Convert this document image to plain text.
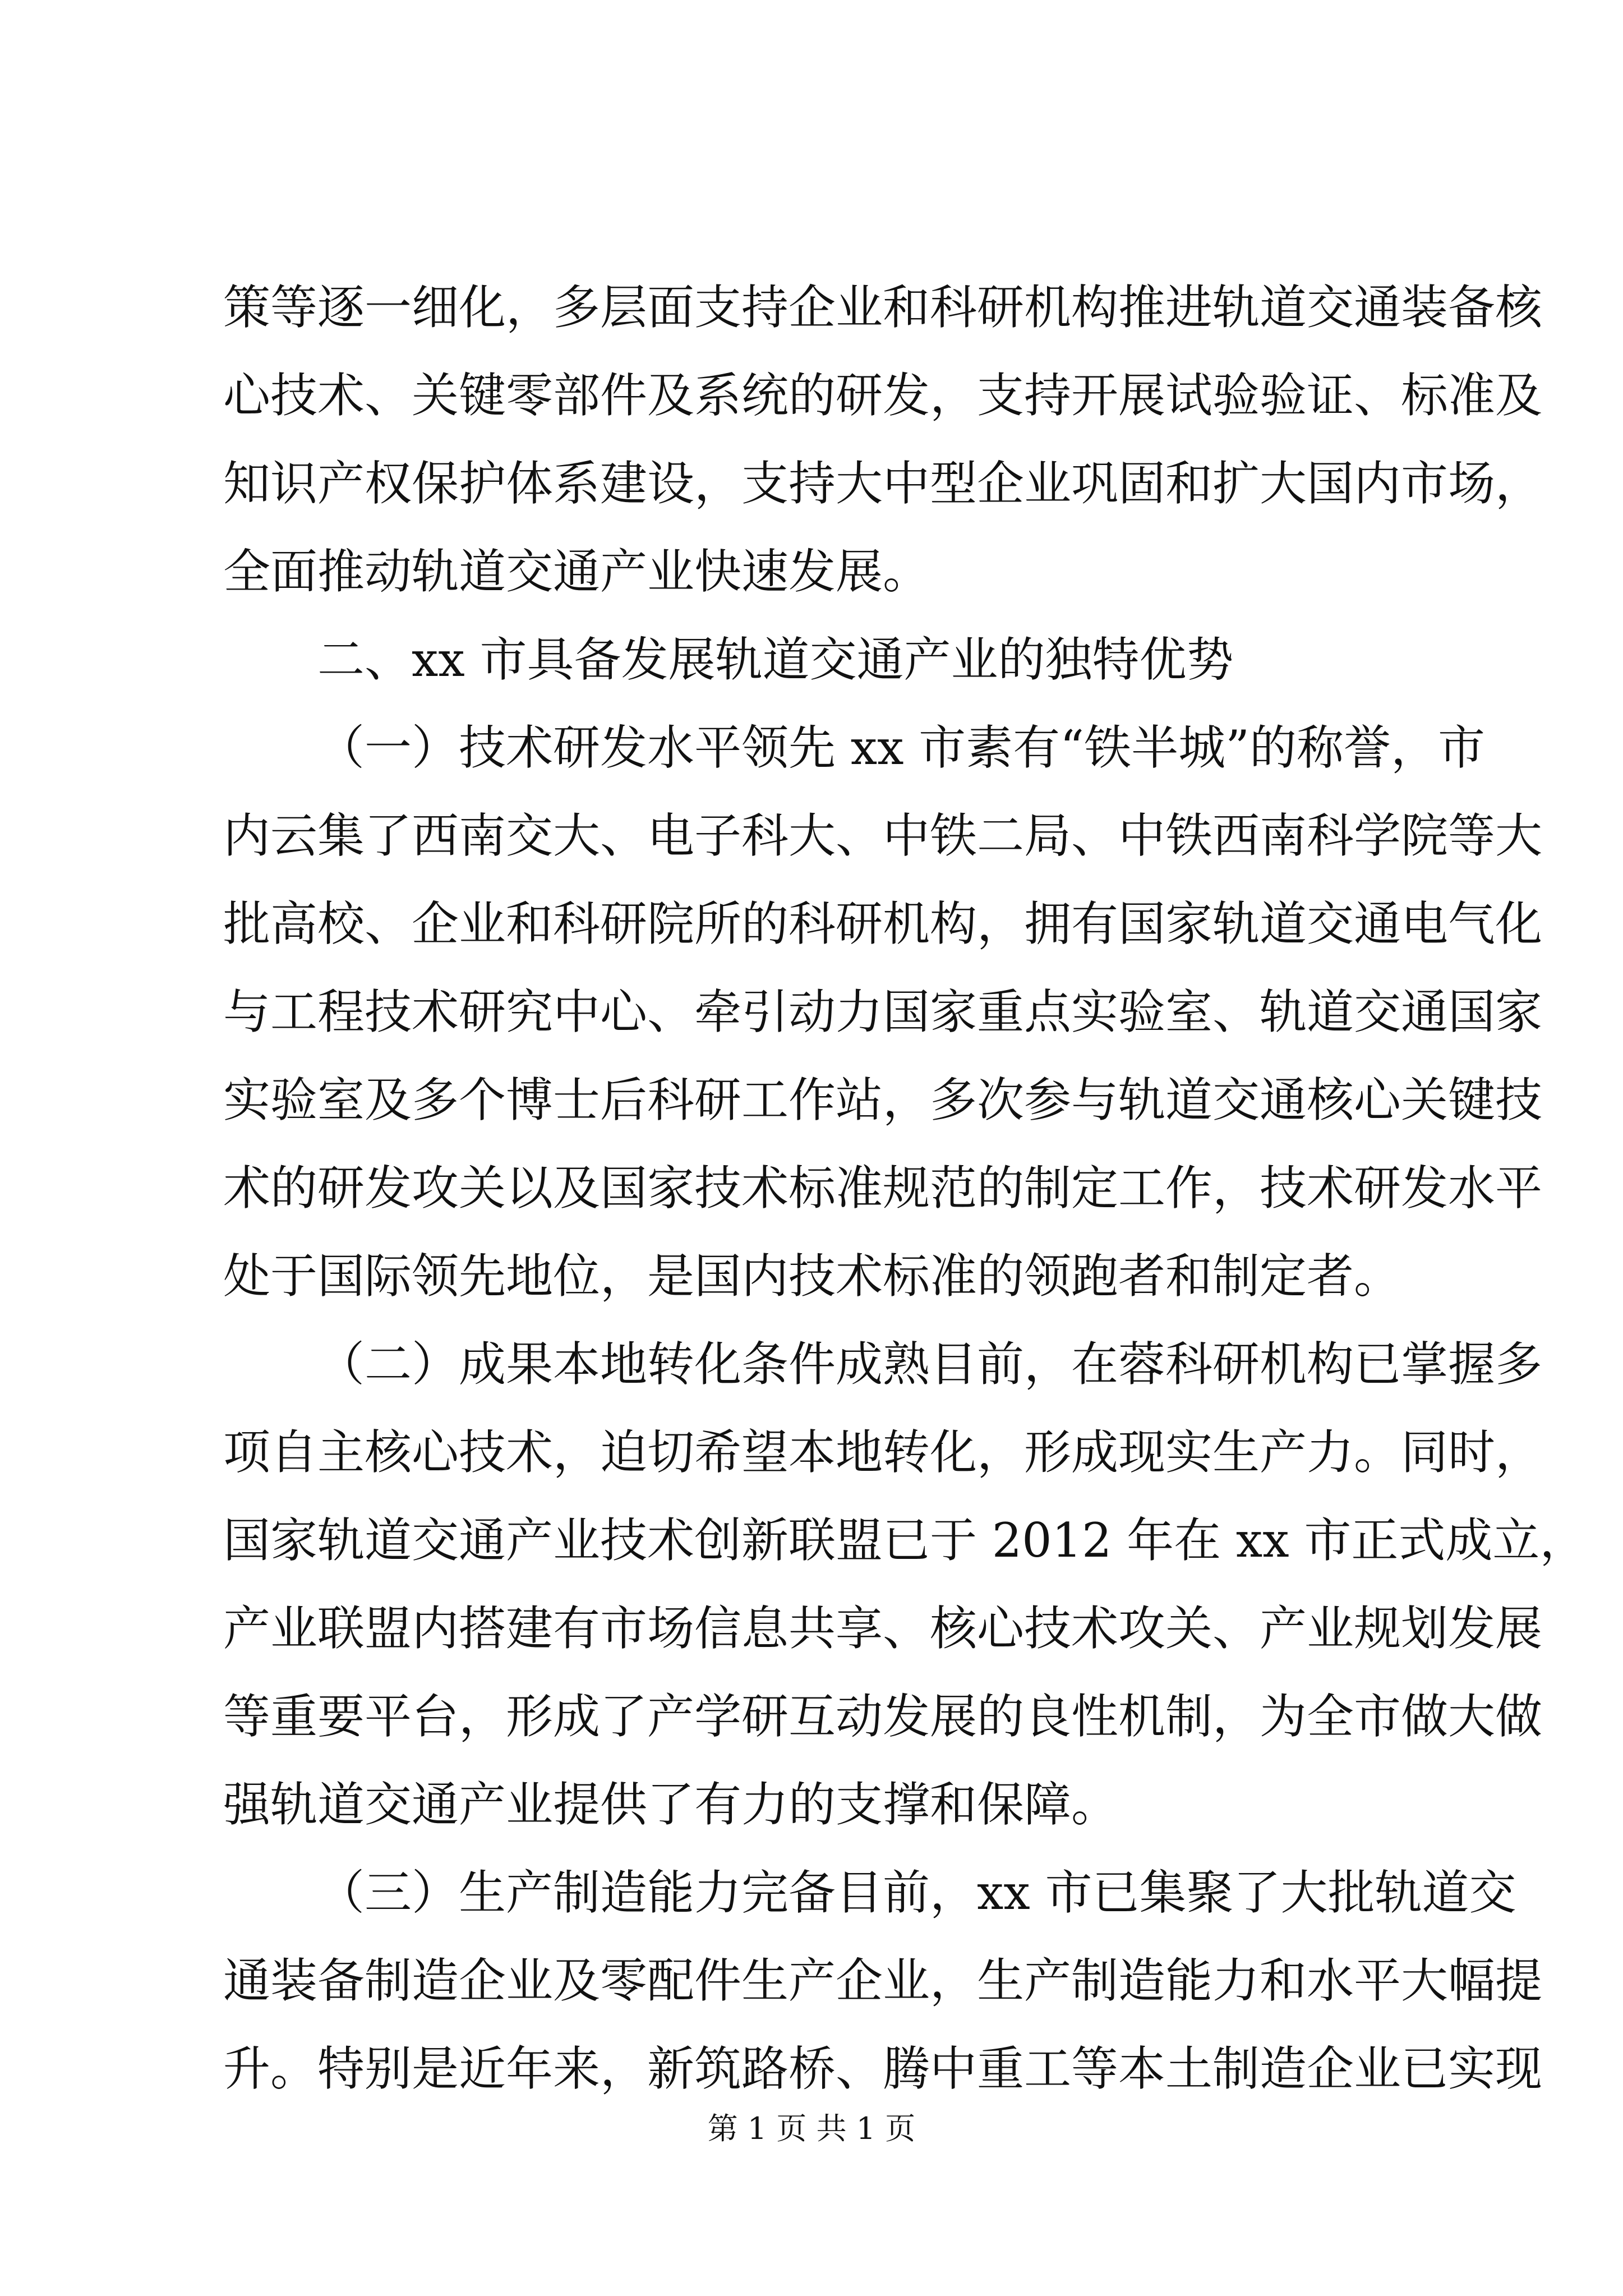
策等逐一细化，多层面支持企业和科研机构推进轨道交通装备核
心技术、关键零部件及系统的研发，支持开展试验验证、标准及
知识产权保护体系建设，支持大中型企业巩固和扩大国内市场，
全面推动轨道交通产业快速发展。
二、xx 市具备发展轨道交通产业的独特优势
（一）技术研发水平领先 xx 市素有“铁半城”的称誉，市
内云集了西南交大、电子科大、中铁二局、中铁西南科学院等大
批高校、企业和科研院所的科研机构，拥有国家轨道交通电气化
与工程技术研究中心、牵引动力国家重点实验室、轨道交通国家
实验室及多个博士后科研工作站，多次参与轨道交通核心关键技
术的研发攻关以及国家技术标准规范的制定工作，技术研发水平
处于国际领先地位，是国内技术标准的领跑者和制定者。
（二）成果本地转化条件成熟目前，在蓉科研机构已掌握多
项自主核心技术，迫切希望本地转化，形成现实生产力。同时，
国家轨道交通产业技术创新联盟已于 2012 年在 xx 市正式成立，
产业联盟内搭建有市场信息共享、核心技术攻关、产业规划发展
等重要平台，形成了产学研互动发展的良性机制，为全市做大做
强轨道交通产业提供了有力的支撑和保障。
（三）生产制造能力完备目前，xx 市已集聚了大批轨道交
通装备制造企业及零配件生产企业，生产制造能力和水平大幅提
升。特别是近年来，新筑路桥、腾中重工等本土制造企业已实现
第 1 页 共 1 页
